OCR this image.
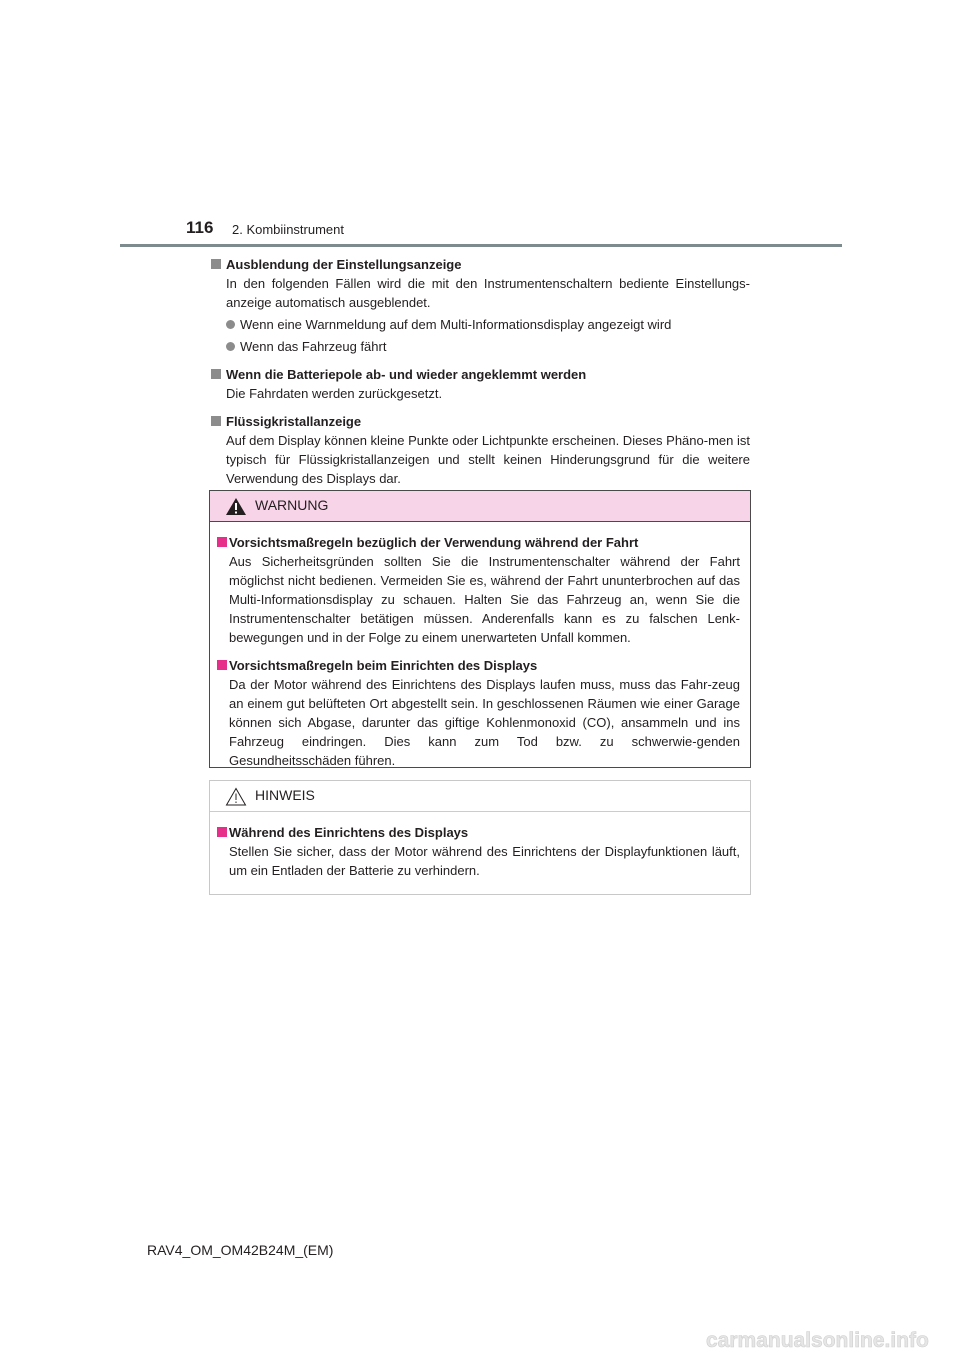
116 2. Kombiinstrument
Ausblendung der Einstellungsanzeige
In den folgenden Fällen wird die mit den Instrumentenschaltern bediente Einstellungs-anzeige automatisch ausgeblendet.
Wenn eine Warnmeldung auf dem Multi-Informationsdisplay angezeigt wird
Wenn das Fahrzeug fährt
Wenn die Batteriepole ab- und wieder angeklemmt werden
Die Fahrdaten werden zurückgesetzt.
Flüssigkristallanzeige
Auf dem Display können kleine Punkte oder Lichtpunkte erscheinen. Dieses Phäno-men ist typisch für Flüssigkristallanzeigen und stellt keinen Hinderungsgrund für die weitere Verwendung des Displays dar.
WARNUNG
Vorsichtsmaßregeln bezüglich der Verwendung während der Fahrt
Aus Sicherheitsgründen sollten Sie die Instrumentenschalter während der Fahrt möglichst nicht bedienen. Vermeiden Sie es, während der Fahrt ununterbrochen auf das Multi-Informationsdisplay zu schauen. Halten Sie das Fahrzeug an, wenn Sie die Instrumentenschalter betätigen müssen. Anderenfalls kann es zu falschen Lenk-bewegungen und in der Folge zu einem unerwarteten Unfall kommen.
Vorsichtsmaßregeln beim Einrichten des Displays
Da der Motor während des Einrichtens des Displays laufen muss, muss das Fahr-zeug an einem gut belüfteten Ort abgestellt sein. In geschlossenen Räumen wie einer Garage können sich Abgase, darunter das giftige Kohlenmonoxid (CO), ansammeln und ins Fahrzeug eindringen. Dies kann zum Tod bzw. zu schwerwie-genden Gesundheitsschäden führen.
HINWEIS
Während des Einrichtens des Displays
Stellen Sie sicher, dass der Motor während des Einrichtens der Displayfunktionen läuft, um ein Entladen der Batterie zu verhindern.
RAV4_OM_OM42B24M_(EM)
carmanualsonline.info
